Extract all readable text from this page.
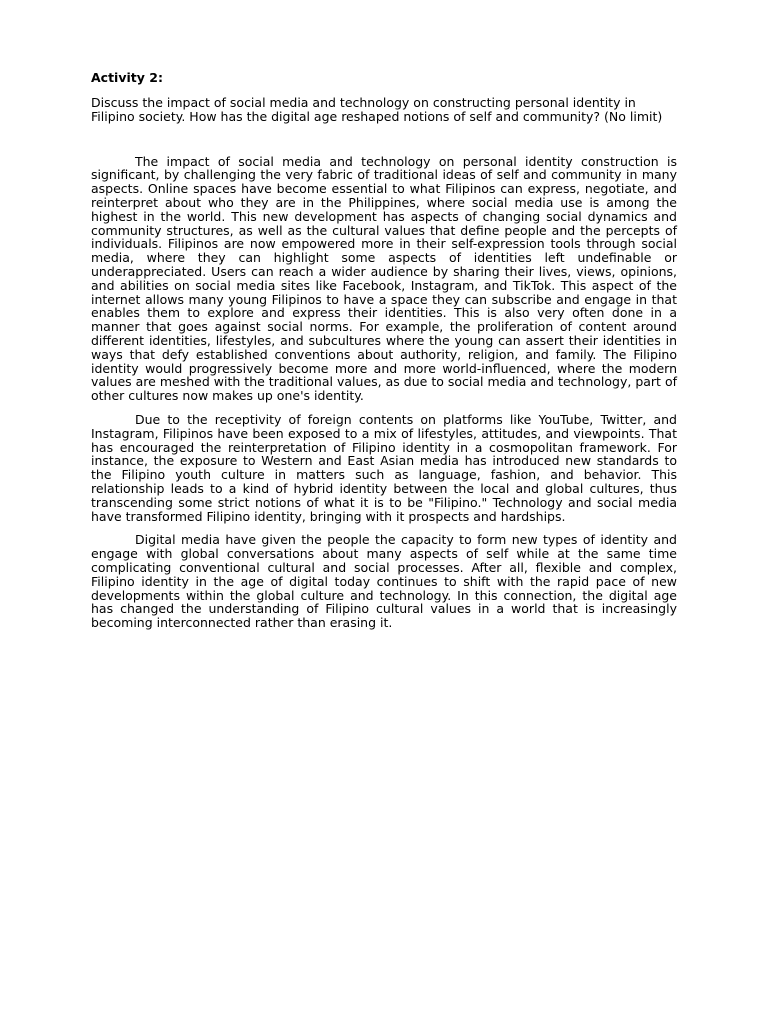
Activity 2:

Discuss the impact of social media and technology on constructing personal identity in Filipino society. How has the digital age reshaped notions of self and community? (No limit)

The impact of social media and technology on personal identity construction is significant, by challenging the very fabric of traditional ideas of self and community in many aspects. Online spaces have become essential to what Filipinos can express, negotiate, and reinterpret about who they are in the Philippines, where social media use is among the highest in the world. This new development has aspects of changing social dynamics and community structures, as well as the cultural values that define people and the percepts of individuals. Filipinos are now empowered more in their self-expression tools through social media, where they can highlight some aspects of identities left undefinable or underappreciated. Users can reach a wider audience by sharing their lives, views, opinions, and abilities on social media sites like Facebook, Instagram, and TikTok. This aspect of the internet allows many young Filipinos to have a space they can subscribe and engage in that enables them to explore and express their identities. This is also very often done in a manner that goes against social norms. For example, the proliferation of content around different identities, lifestyles, and subcultures where the young can assert their identities in ways that defy established conventions about authority, religion, and family. The Filipino identity would progressively become more and more world-influenced, where the modern values are meshed with the traditional values, as due to social media and technology, part of other cultures now makes up one's identity.

Due to the receptivity of foreign contents on platforms like YouTube, Twitter, and Instagram, Filipinos have been exposed to a mix of lifestyles, attitudes, and viewpoints. That has encouraged the reinterpretation of Filipino identity in a cosmopolitan framework. For instance, the exposure to Western and East Asian media has introduced new standards to the Filipino youth culture in matters such as language, fashion, and behavior. This relationship leads to a kind of hybrid identity between the local and global cultures, thus transcending some strict notions of what it is to be "Filipino." Technology and social media have transformed Filipino identity, bringing with it prospects and hardships.

Digital media have given the people the capacity to form new types of identity and engage with global conversations about many aspects of self while at the same time complicating conventional cultural and social processes. After all, flexible and complex, Filipino identity in the age of digital today continues to shift with the rapid pace of new developments within the global culture and technology. In this connection, the digital age has changed the understanding of Filipino cultural values in a world that is increasingly becoming interconnected rather than erasing it.
